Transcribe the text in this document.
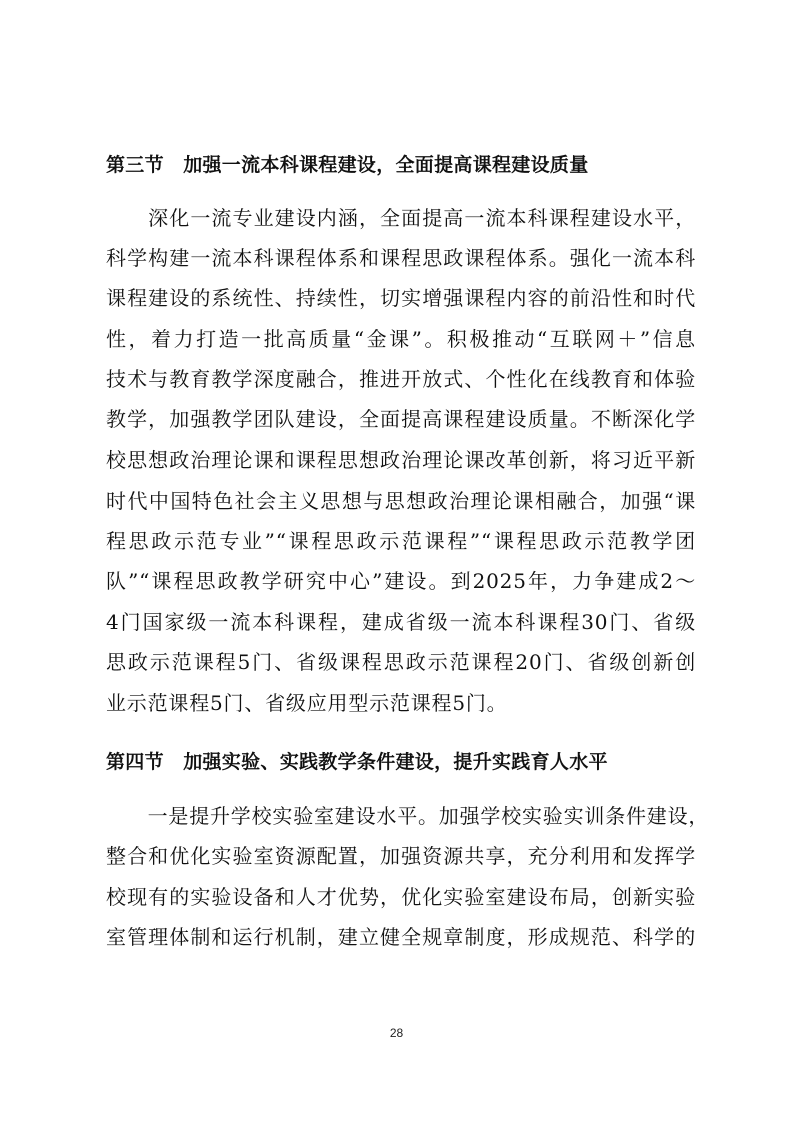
第三节　加强一流本科课程建设，全面提高课程建设质量
　　深化一流专业建设内涵，全面提高一流本科课程建设水平，
科学构建一流本科课程体系和课程思政课程体系。强化一流本科
课程建设的系统性、持续性，切实增强课程内容的前沿性和时代
性，着力打造一批高质量“金课”。积极推动“互联网＋”信息
技术与教育教学深度融合，推进开放式、个性化在线教育和体验
教学，加强教学团队建设，全面提高课程建设质量。不断深化学
校思想政治理论课和课程思想政治理论课改革创新，将习近平新
时代中国特色社会主义思想与思想政治理论课相融合，加强“课
程思政示范专业”“课程思政示范课程”“课程思政示范教学团
队”“课程思政教学研究中心”建设。到2025年，力争建成2～
4门国家级一流本科课程，建成省级一流本科课程30门、省级
思政示范课程5门、省级课程思政示范课程20门、省级创新创
业示范课程5门、省级应用型示范课程5门。
第四节　加强实验、实践教学条件建设，提升实践育人水平
　　一是提升学校实验室建设水平。加强学校实验实训条件建设，
整合和优化实验室资源配置，加强资源共享，充分利用和发挥学
校现有的实验设备和人才优势，优化实验室建设布局，创新实验
室管理体制和运行机制，建立健全规章制度，形成规范、科学的
28
